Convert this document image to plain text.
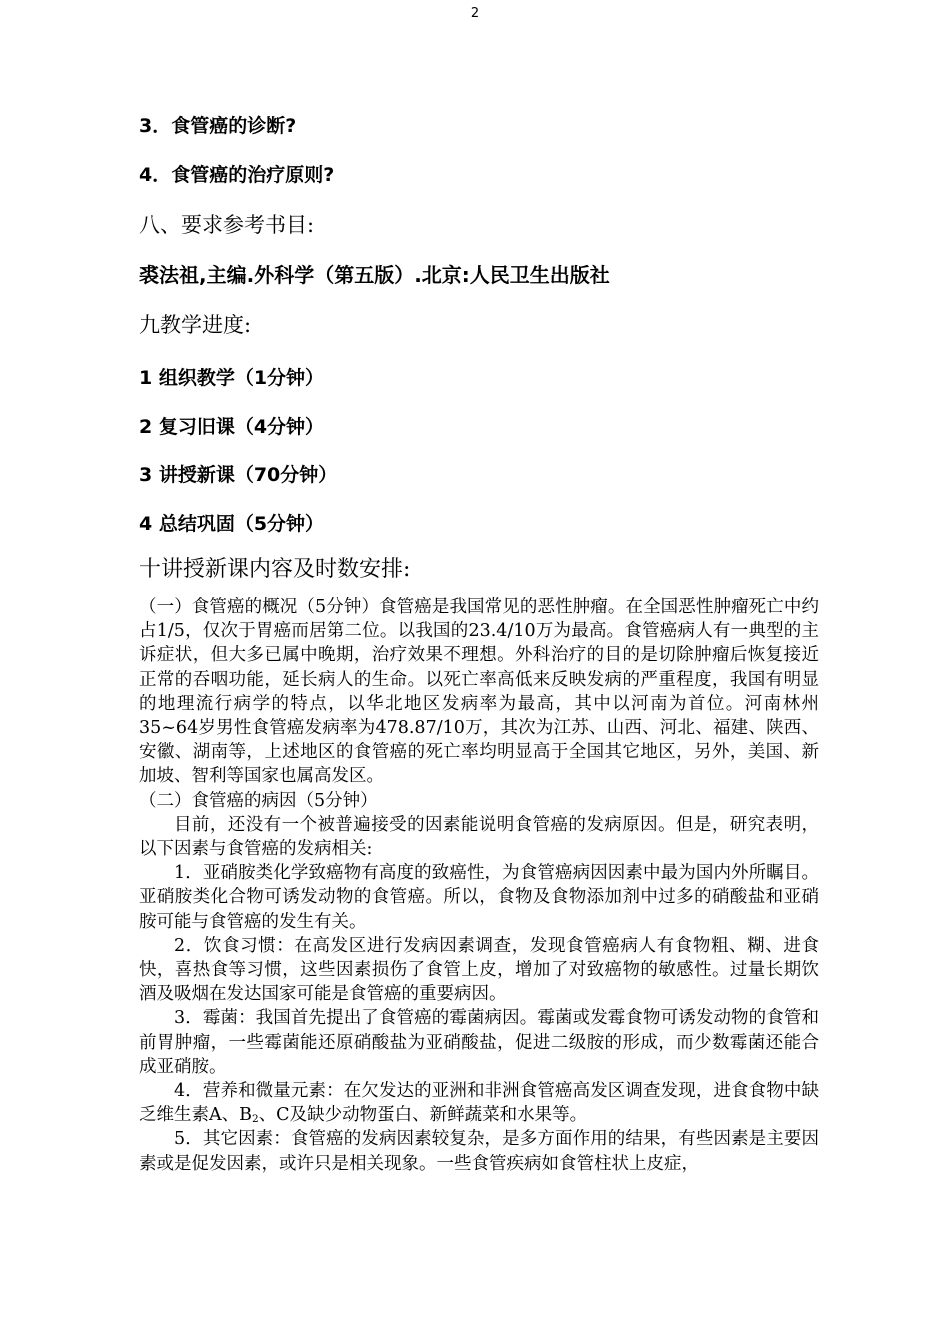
2
3．食管癌的诊断?
4．食管癌的治疗原则?
八、要求参考书目:
裘法祖,主编.外科学（第五版）.北京:人民卫生出版社
九教学进度:
1 组织教学（1分钟）
2 复习旧课（4分钟）
3 讲授新课（70分钟）
4 总结巩固（5分钟）
十讲授新课内容及时数安排:

（一）食管癌的概况（5分钟）食管癌是我国常见的恶性肿瘤。在全国恶性肿瘤死亡中约占1/5，仅次于胃癌而居第二位。以我国的23.4/10万为最高。食管癌病人有一典型的主诉症状，但大多已属中晚期，治疗效果不理想。外科治疗的目的是切除肿瘤后恢复接近正常的吞咽功能，延长病人的生命。以死亡率高低来反映发病的严重程度，我国有明显的地理流行病学的特点，以华北地区发病率为最高，其中以河南为首位。河南林州35~64岁男性食管癌发病率为478.87/10万，其次为江苏、山西、河北、福建、陕西、安徽、湖南等，上述地区的食管癌的死亡率均明显高于全国其它地区，另外，美国、新加坡、智利等国家也属高发区。

（二）食管癌的病因（5分钟）

目前，还没有一个被普遍接受的因素能说明食管癌的发病原因。但是，研究表明，以下因素与食管癌的发病相关:

1．亚硝胺类化学致癌物有高度的致癌性，为食管癌病因因素中最为国内外所瞩目。亚硝胺类化合物可诱发动物的食管癌。所以，食物及食物添加剂中过多的硝酸盐和亚硝胺可能与食管癌的发生有关。

2．饮食习惯：在高发区进行发病因素调查，发现食管癌病人有食物粗、糊、进食快，喜热食等习惯，这些因素损伤了食管上皮，增加了对致癌物的敏感性。过量长期饮酒及吸烟在发达国家可能是食管癌的重要病因。

3．霉菌：我国首先提出了食管癌的霉菌病因。霉菌或发霉食物可诱发动物的食管和前胃肿瘤，一些霉菌能还原硝酸盐为亚硝酸盐，促进二级胺的形成，而少数霉菌还能合成亚硝胺。

4．营养和微量元素：在欠发达的亚洲和非洲食管癌高发区调查发现，进食食物中缺乏维生素A、$B_2$、C及缺少动物蛋白、新鲜蔬菜和水果等。

5．其它因素：食管癌的发病因素较复杂，是多方面作用的结果，有些因素是主要因素或是促发因素，或许只是相关现象。一些食管疾病如食管柱状上皮症，
